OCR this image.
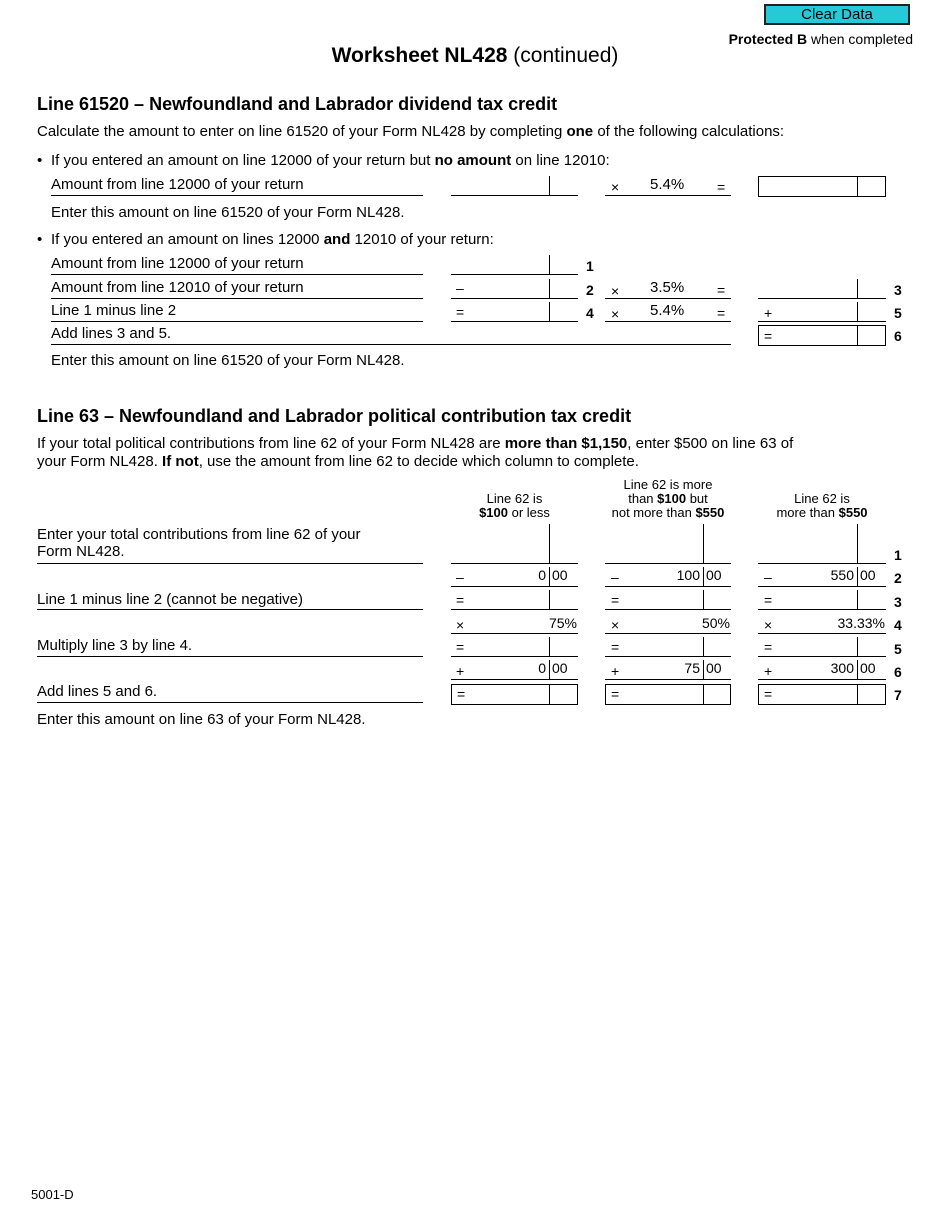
Clear Data
Protected B when completed
Worksheet NL428 (continued)
Line 61520 – Newfoundland and Labrador dividend tax credit
Calculate the amount to enter on line 61520 of your Form NL428 by completing one of the following calculations:
• If you entered an amount on line 12000 of your return but no amount on line 12010:
Amount from line 12000 of your return	× 5.4% =
Enter this amount on line 61520 of your Form NL428.
• If you entered an amount on lines 12000 and 12010 of your return:
Amount from line 12000 of your return	1
Amount from line 12010 of your return	–	2 × 3.5% =	3
Line 1 minus line 2	=	4 × 5.4% =	+	5
Add lines 3 and 5.	=	6
Enter this amount on line 61520 of your Form NL428.
Line 63 – Newfoundland and Labrador political contribution tax credit
If your total political contributions from line 62 of your Form NL428 are more than $1,150, enter $500 on line 63 of
your Form NL428. If not, use the amount from line 62 to decide which column to complete.
Line 62 is
$100 or less
Line 62 is more
than $100 but
not more than $550
Line 62 is
more than $550
Enter your total contributions from line 62 of your
Form NL428.	1
–	0 00	–	100 00	–	550 00 2
Line 1 minus line 2 (cannot be negative)	=	=	=	3
×	75% ×	50% ×	33.33% 4
Multiply line 3 by line 4.	=	=	=	5
+	0 00	+	75 00	+	300 00 6
Add lines 5 and 6.	=	=	=	7
Enter this amount on line 63 of your Form NL428.
5001-D
